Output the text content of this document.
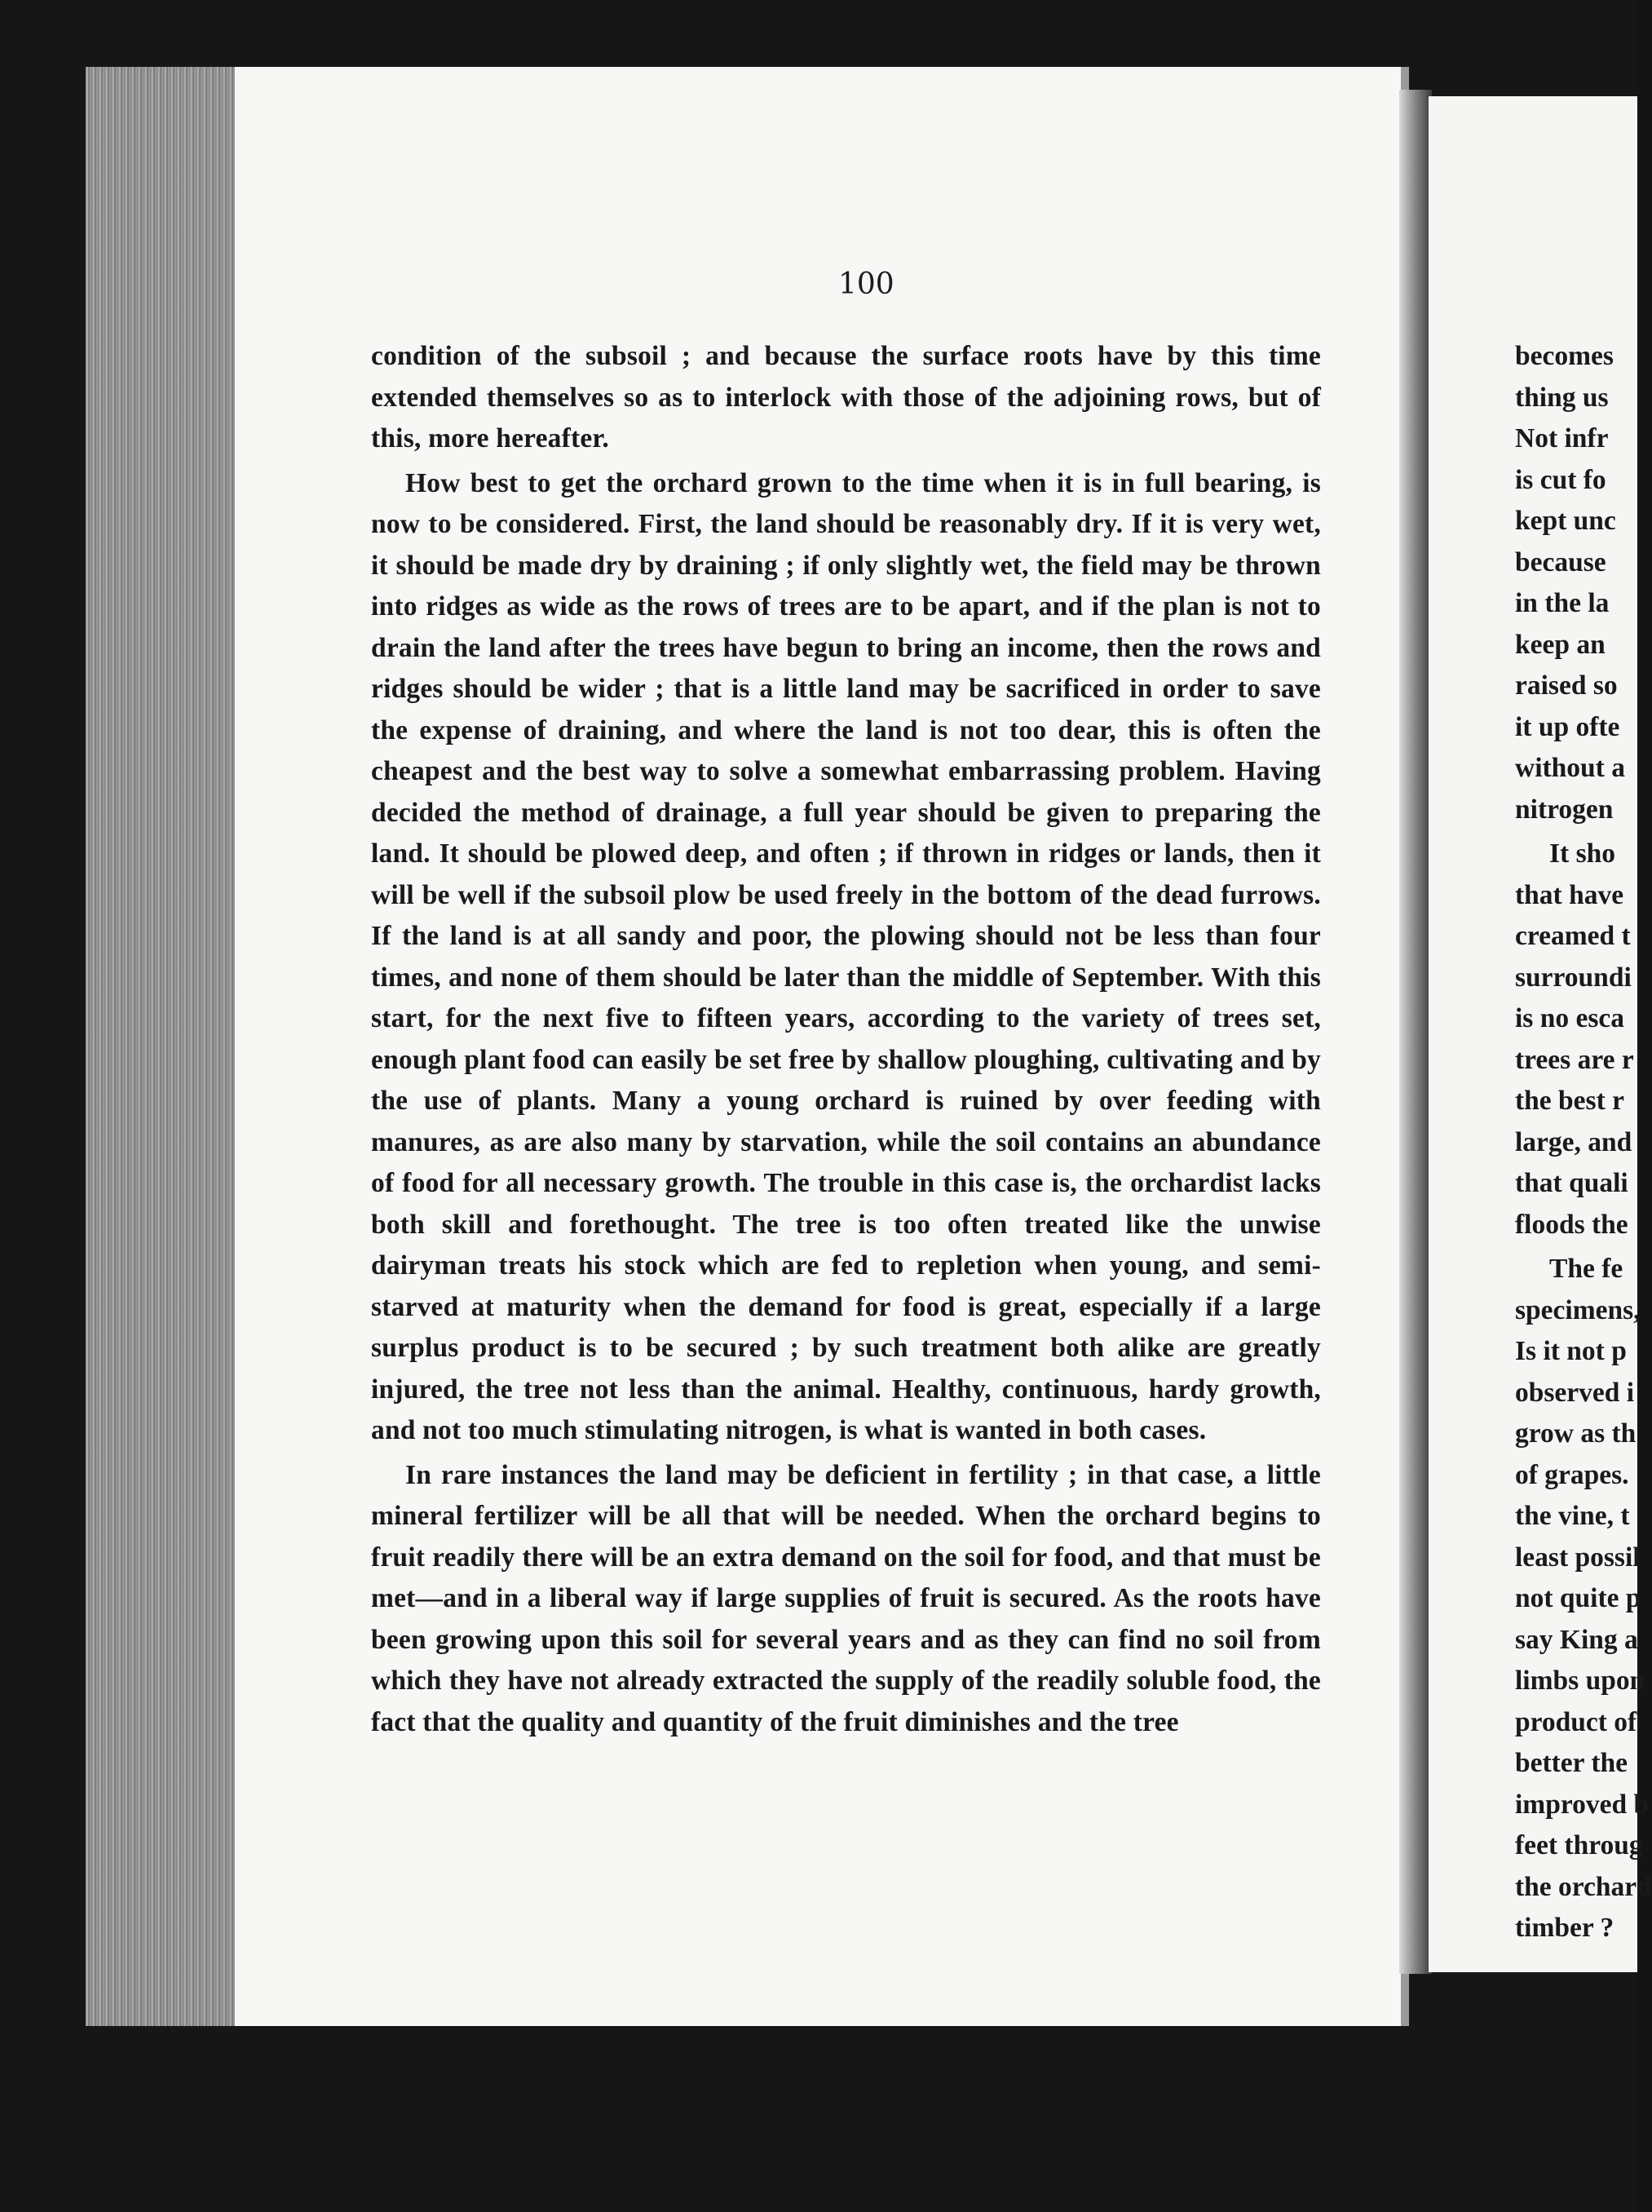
100

condition of the subsoil ; and because the surface roots have by this time extended themselves so as to interlock with those of the adjoining rows, but of this, more hereafter.

How best to get the orchard grown to the time when it is in full bearing, is now to be considered. First, the land should be reasonably dry. If it is very wet, it should be made dry by draining ; if only slightly wet, the field may be thrown into ridges as wide as the rows of trees are to be apart, and if the plan is not to drain the land after the trees have begun to bring an income, then the rows and ridges should be wider ; that is a little land may be sacrificed in order to save the expense of draining, and where the land is not too dear, this is often the cheapest and the best way to solve a somewhat embarrassing problem. Having decided the method of drainage, a full year should be given to preparing the land. It should be plowed deep, and often ; if thrown in ridges or lands, then it will be well if the subsoil plow be used freely in the bottom of the dead furrows. If the land is at all sandy and poor, the plowing should not be less than four times, and none of them should be later than the middle of September. With this start, for the next five to fifteen years, according to the variety of trees set, enough plant food can easily be set free by shallow ploughing, cultivating and by the use of plants. Many a young orchard is ruined by over feeding with manures, as are also many by starvation, while the soil contains an abundance of food for all necessary growth. The trouble in this case is, the orchardist lacks both skill and forethought. The tree is too often treated like the unwise dairyman treats his stock which are fed to repletion when young, and semi-starved at maturity when the demand for food is great, especially if a large surplus product is to be secured ; by such treatment both alike are greatly injured, the tree not less than the animal. Healthy, continuous, hardy growth, and not too much stimulating nitrogen, is what is wanted in both cases.

In rare instances the land may be deficient in fertility ; in that case, a little mineral fertilizer will be all that will be needed. When the orchard begins to fruit readily there will be an extra demand on the soil for food, and that must be met—and in a liberal way if large supplies of fruit is secured. As the roots have been growing upon this soil for several years and as they can find no soil from which they have not already extracted the supply of the readily soluble food, the fact that the quality and quantity of the fruit diminishes and the tree

becomes
thing us
Not infr
is cut fo
kept unc
because
in the la
keep an
raised so
it up ofte
without a
nitrogen
It sho
that have
creamed t
surroundi
is no esca
trees are r
the best r
large, and
that quali
floods the
The fe
specimens,
Is it not p
observed i
grow as th
of grapes.
the vine, t
least possil
not quite p
say King a
limbs upon
product of
better the
improved b
feet throug
the orchard
timber ?
